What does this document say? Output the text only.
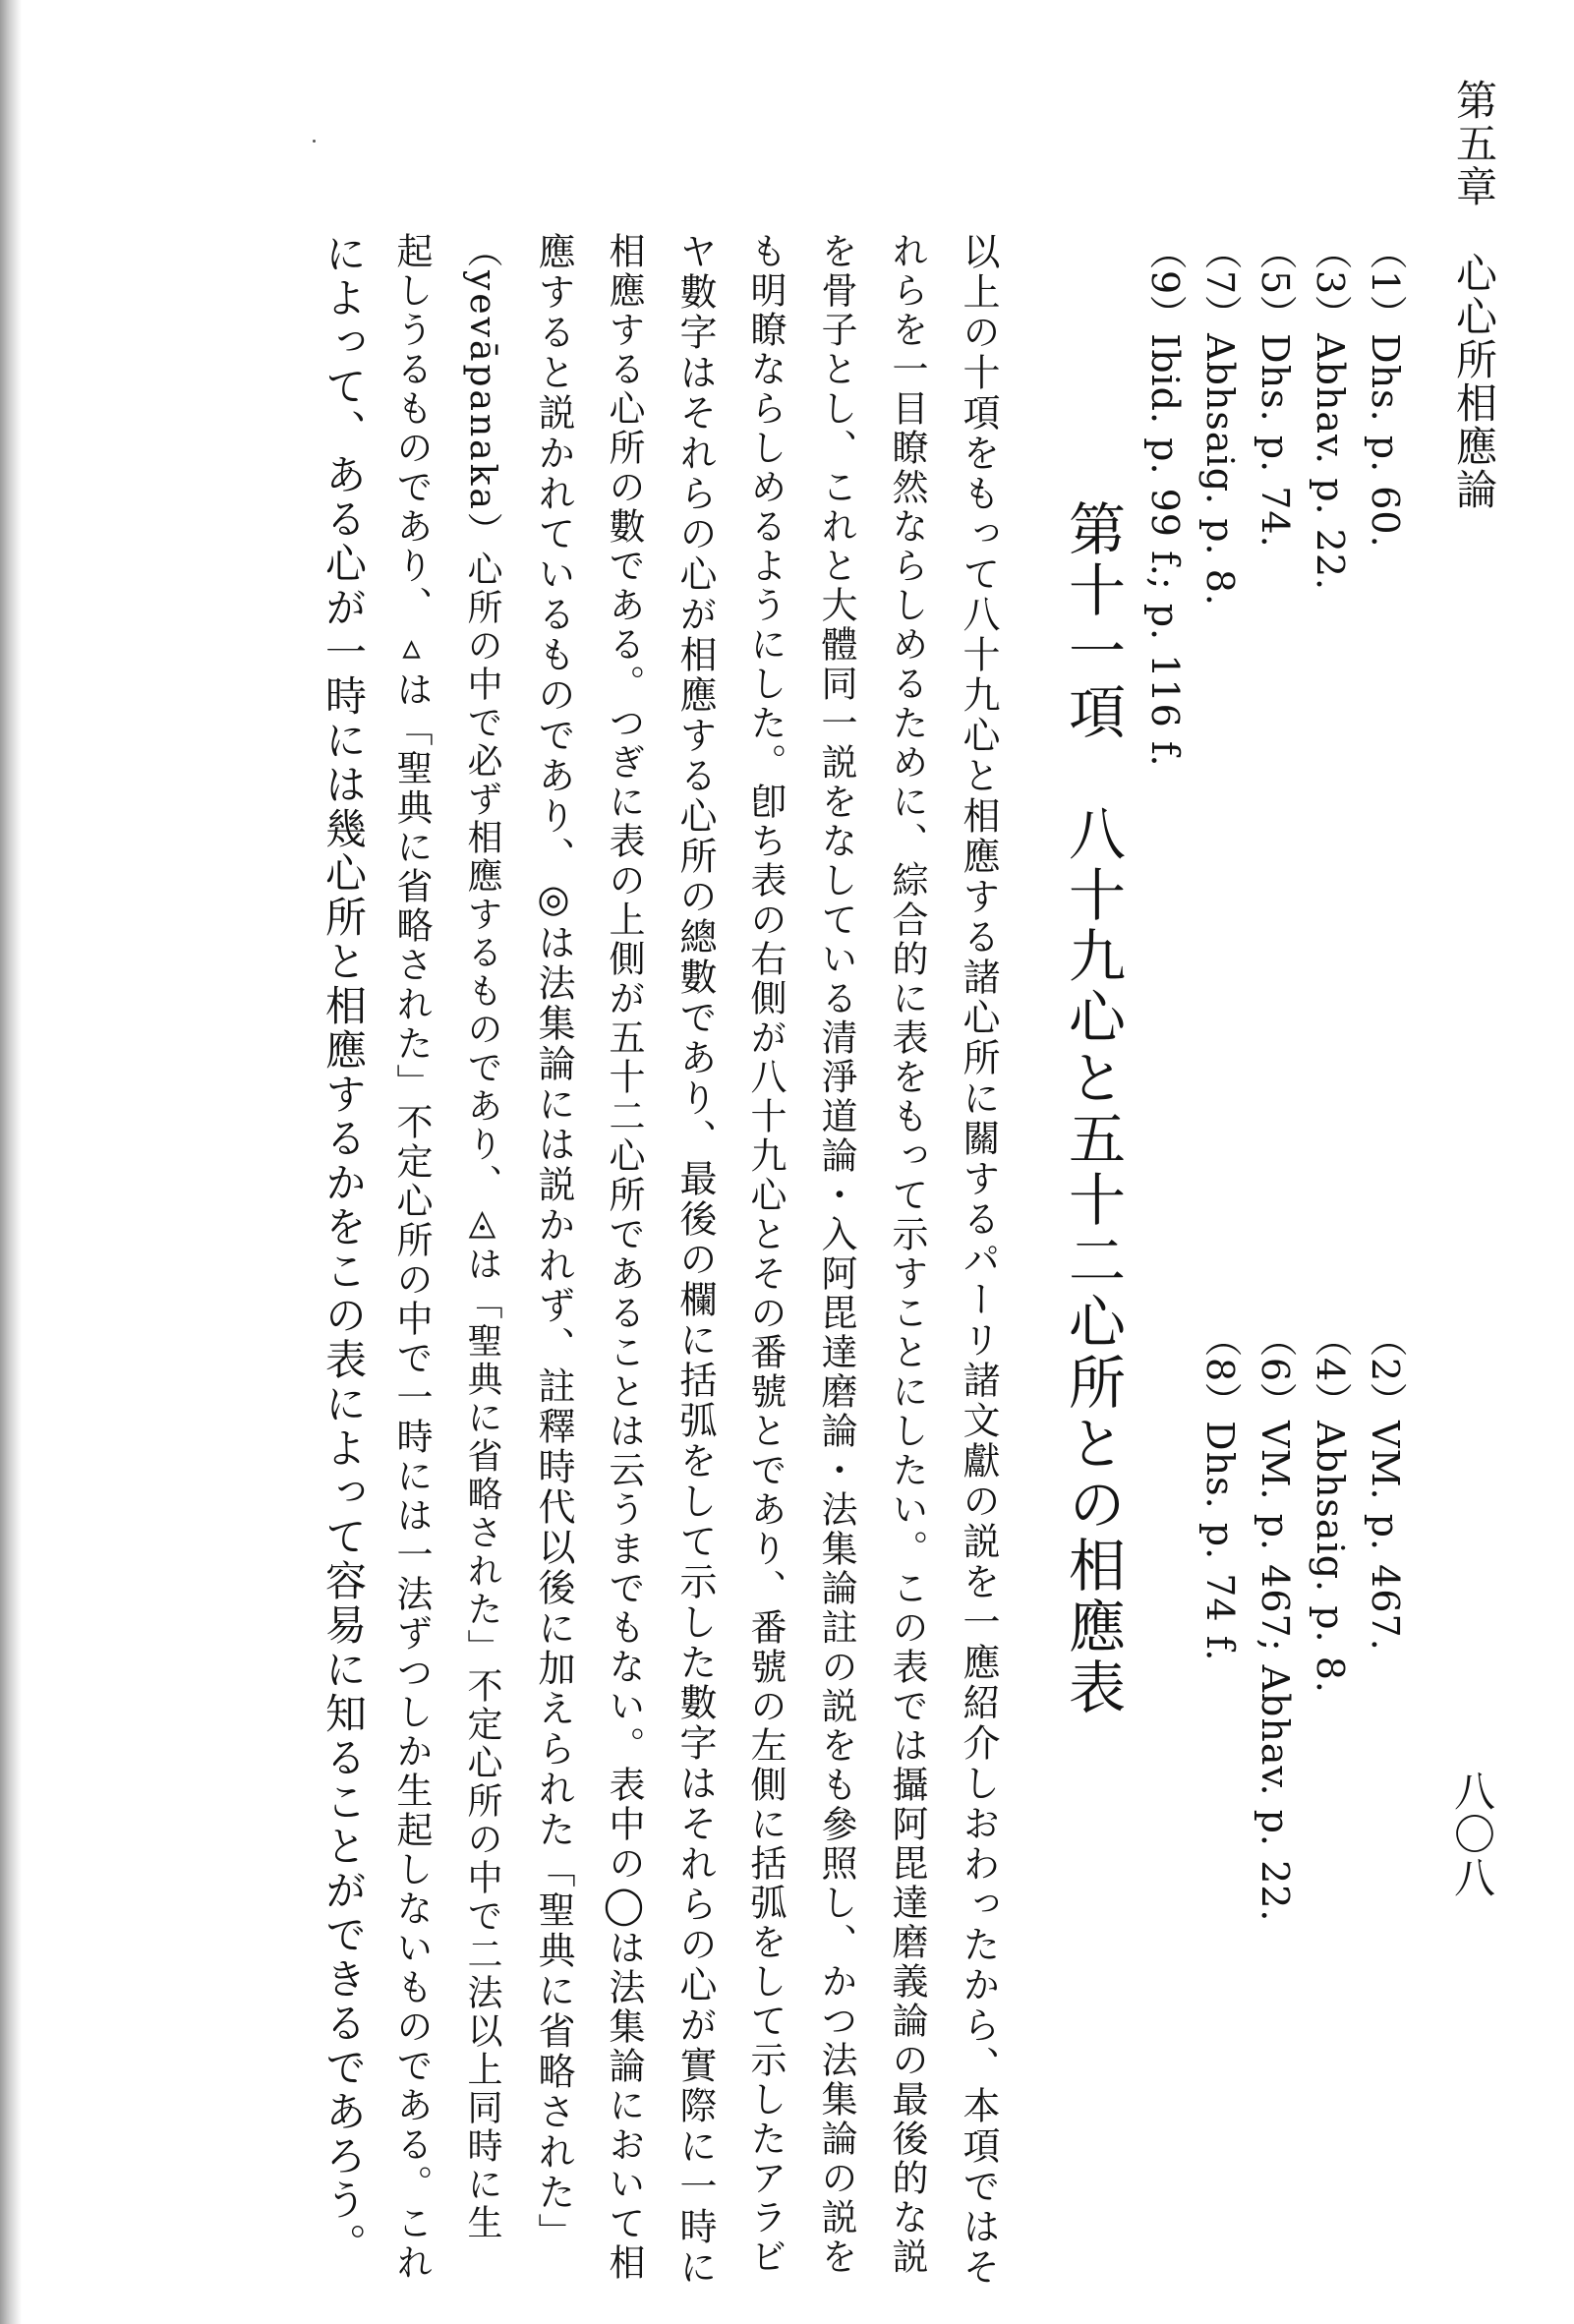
第五章　心心所相應論
八〇八
（1）Dhs. p. 60.
（2）VM. p. 467.
（3）Abhav. p. 22.
（4）Abhsaig. p. 8.
（5）Dhs. p. 74.
（6）VM. p. 467; Abhav. p. 22.
（7）Abhsaig. p. 8.
（8）Dhs. p. 74 f.
（9）Ibid. p. 99 f.; p. 116 f.
第十一項　八十九心と五十二心所との相應表
以上の十項をもって八十九心と相應する諸心所に關するパーリ諸文獻の説を一應紹介しおわったから、本項ではそ
れらを一目瞭然ならしめるために、綜合的に表をもって示すことにしたい。この表では攝阿毘達磨義論の最後的な説
を骨子とし、これと大體同一説をなしている清淨道論・入阿毘達磨論・法集論註の説をも參照し、かつ法集論の説を
も明瞭ならしめるようにした。卽ち表の右側が八十九心とその番號とであり、番號の左側に括弧をして示したアラビ
ヤ數字はそれらの心が相應する心所の總數であり、最後の欄に括弧をして示した數字はそれらの心が實際に一時に
相應する心所の數である。つぎに表の上側が五十二心所であることは云うまでもない。表中の◯は法集論において相
應すると説かれているものであり、◎は法集論には説かれず、註釋時代以後に加えられた「聖典に省略された」
（yevāpanaka）心所の中で必ず相應するものであり、◬は「聖典に省略された」不定心所の中で二法以上同時に生
起しうるものであり、▵は「聖典に省略された」不定心所の中で一時には一法ずつしか生起しないものである。これ
によって、ある心が一時には幾心所と相應するかをこの表によって容易に知ることができるであろう。
